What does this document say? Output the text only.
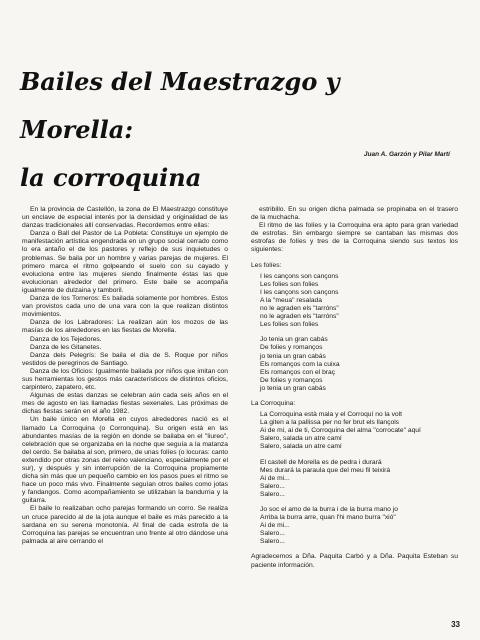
Bailes del Maestrazgo y Morella:
la corroquina
Juan A. Garzón y Pilar Martí

En la provincia de Castellón, la zona de El Maestrazgo constituye un enclave de especial interés por la densidad y originalidad de las danzas tradicionales allí conservadas. Recordemos entre ellas:

Danza o Ball del Pastor de La Pobleta: Constituye un ejemplo de manifestación artística engendrada en un grupo social cerrado como lo era antaño el de los pastores y reflejo de sus inquietudes o problemas. Se baila por un hombre y varias parejas de mujeres. El primero marca el ritmo golpeando el suelo con su cayado y evoluciona entre las mujeres siendo finalmente éstas las que evolucionan alrededor del primero. Este baile se acompaña igualmente de dulzaina y tamboril.

Danza de los Torneros: Es bailada solamente por hombres. Estos van provistos cada uno de una vara con la que realizan distintos movimientos.

Danza de los Labradores: La realizan aún los mozos de las masías de los alrededores en las fiestas de Morella.

Danza de los Tejedores.

Danza de les Gitanetes.

Danza dels Pelegrís: Se baila el día de S. Roque por niños vestidos de peregrinos de Santiago.

Danza de los Oficios: Igualmente bailada por niños que imitan con sus herramientas los gestos más característicos de distintos oficios, carpintero, zapatero, etc.

Algunas de estas danzas se celebran aún cada seis años en el mes de agosto en las llamadas fiestas sexenales. Las próximas de dichas fiestas serán en el año 1982.

Un baile único en Morella en cuyos alrededores nació es el llamado La Corroquina (o Corronquina). Su origen está en las abundantes masías de la región en donde se bailaba en el "liureo", celebración que se organizaba en la noche que seguía a la matanza del cerdo. Se bailaba al son, primero, de unas folíes (o locuras: canto extendido por otras zonas del reino valenciano, especialmente por el sur), y después y sin interrupción de la Corroquina propiamente dicha sin más que un pequeño cambio en los pasos pues el ritmo se hace un poco más vivo. Finalmente seguían otros bailes como jotas y fandangos. Como acompañamiento se utilizaban la bandurria y la guitarra.

El baile lo realizaban ocho parejas formando un corro. Se realiza un cruce parecido al de la jota aunque el baile es más parecido a la sardana en su serena monotonía. Al final de cada estrofa de la Corroquina las parejas se encuentran uno frente al otro dándose una palmada al aire cerrando el

estribillo. En su origen dicha palmada se propinaba en el trasero de la muchacha.

El ritmo de las folíes y la Corroquina era apto para gran variedad de estrofas. Sin embargo siempre se cantaban las mismas dos estrofas de folíes y tres de la Corroquina siendo sus textos los siguientes:

Les folíes:

I les cançons son cançons
Les folies son folies
I les cançons son cançons
A la "meua" resalada
no le agraden els "tarróns"
no le agraden els "tarróns"
Les folies son folies
Jo tenia un gran cabás
De folies y romanços
jo tenia un gran cabás
Els romanços com la cuixa
Els romanços con el braç
De folies y romanços
jo tenia un gran cabás

La Corroquina:

La Corroquina està mala y el Corroquí no la volt
La giten a la pallissa per no fer brut els llançols
Ai de mi, ai de ti, Corroquina del alma "corrocate" aquí
Salero, salada un atre camí
Salero, salada un atre camí
El castell de Morella es de pedra i durará
Mes durará la paraula que del meu fil teixirá
Ai de mi...
Salero...
Salero...
Jo soc el amo de la burra i de la burra mano jo
Arriba la burra arre, quan l'hi mano burra "xió"
Ai de mi...
Salero...
Salero...

Agradecemos a Dña. Paquita Carbó y a Dña. Paquita Esteban su paciente información.

33
